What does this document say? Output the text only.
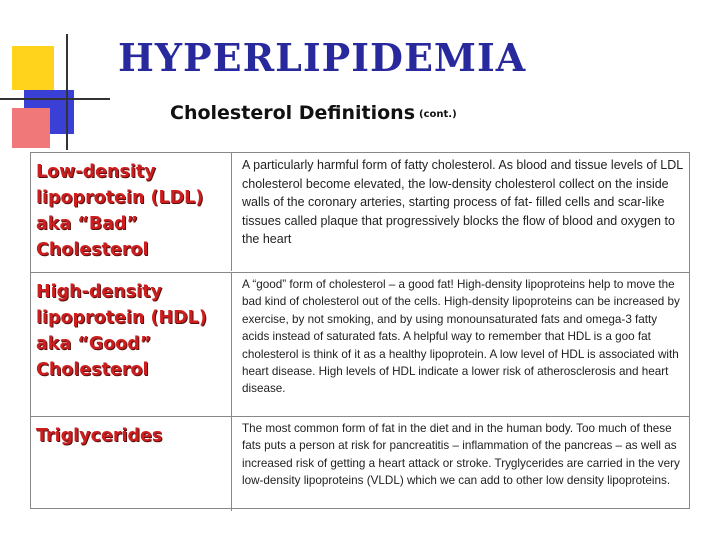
HYPERLIPIDEMIA
Cholesterol Definitions (cont.)
Low-density lipoprotein (LDL) aka “Bad” Cholesterol
A particularly harmful form of fatty cholesterol. As blood and tissue levels of LDL cholesterol become elevated, the low-density cholesterol collect on the inside walls of the coronary arteries, starting process of fat- filled cells and scar-like tissues called plaque that progressively blocks the flow of blood and oxygen to the heart
High-density lipoprotein (HDL) aka “Good” Cholesterol
A “good” form of cholesterol – a good fat! High-density lipoproteins help to move the bad kind of cholesterol out of the cells. High-density lipoproteins can be increased by exercise, by not smoking, and by using monounsaturated fats and omega-3 fatty acids instead of saturated fats. A helpful way to remember that HDL is a goo fat cholesterol is think of it as a healthy lipoprotein. A low level of HDL is associated with heart disease. High levels of HDL indicate a lower risk of atherosclerosis and heart disease.
Triglycerides	The most common form of fat in the diet and in the human body. Too much of these fats puts a person at risk for pancreatitis – inflammation of the pancreas – as well as increased risk of getting a heart attack or stroke. Tryglycerides are carried in the very low-density lipoproteins (VLDL) which we can add to other low density lipoproteins.
